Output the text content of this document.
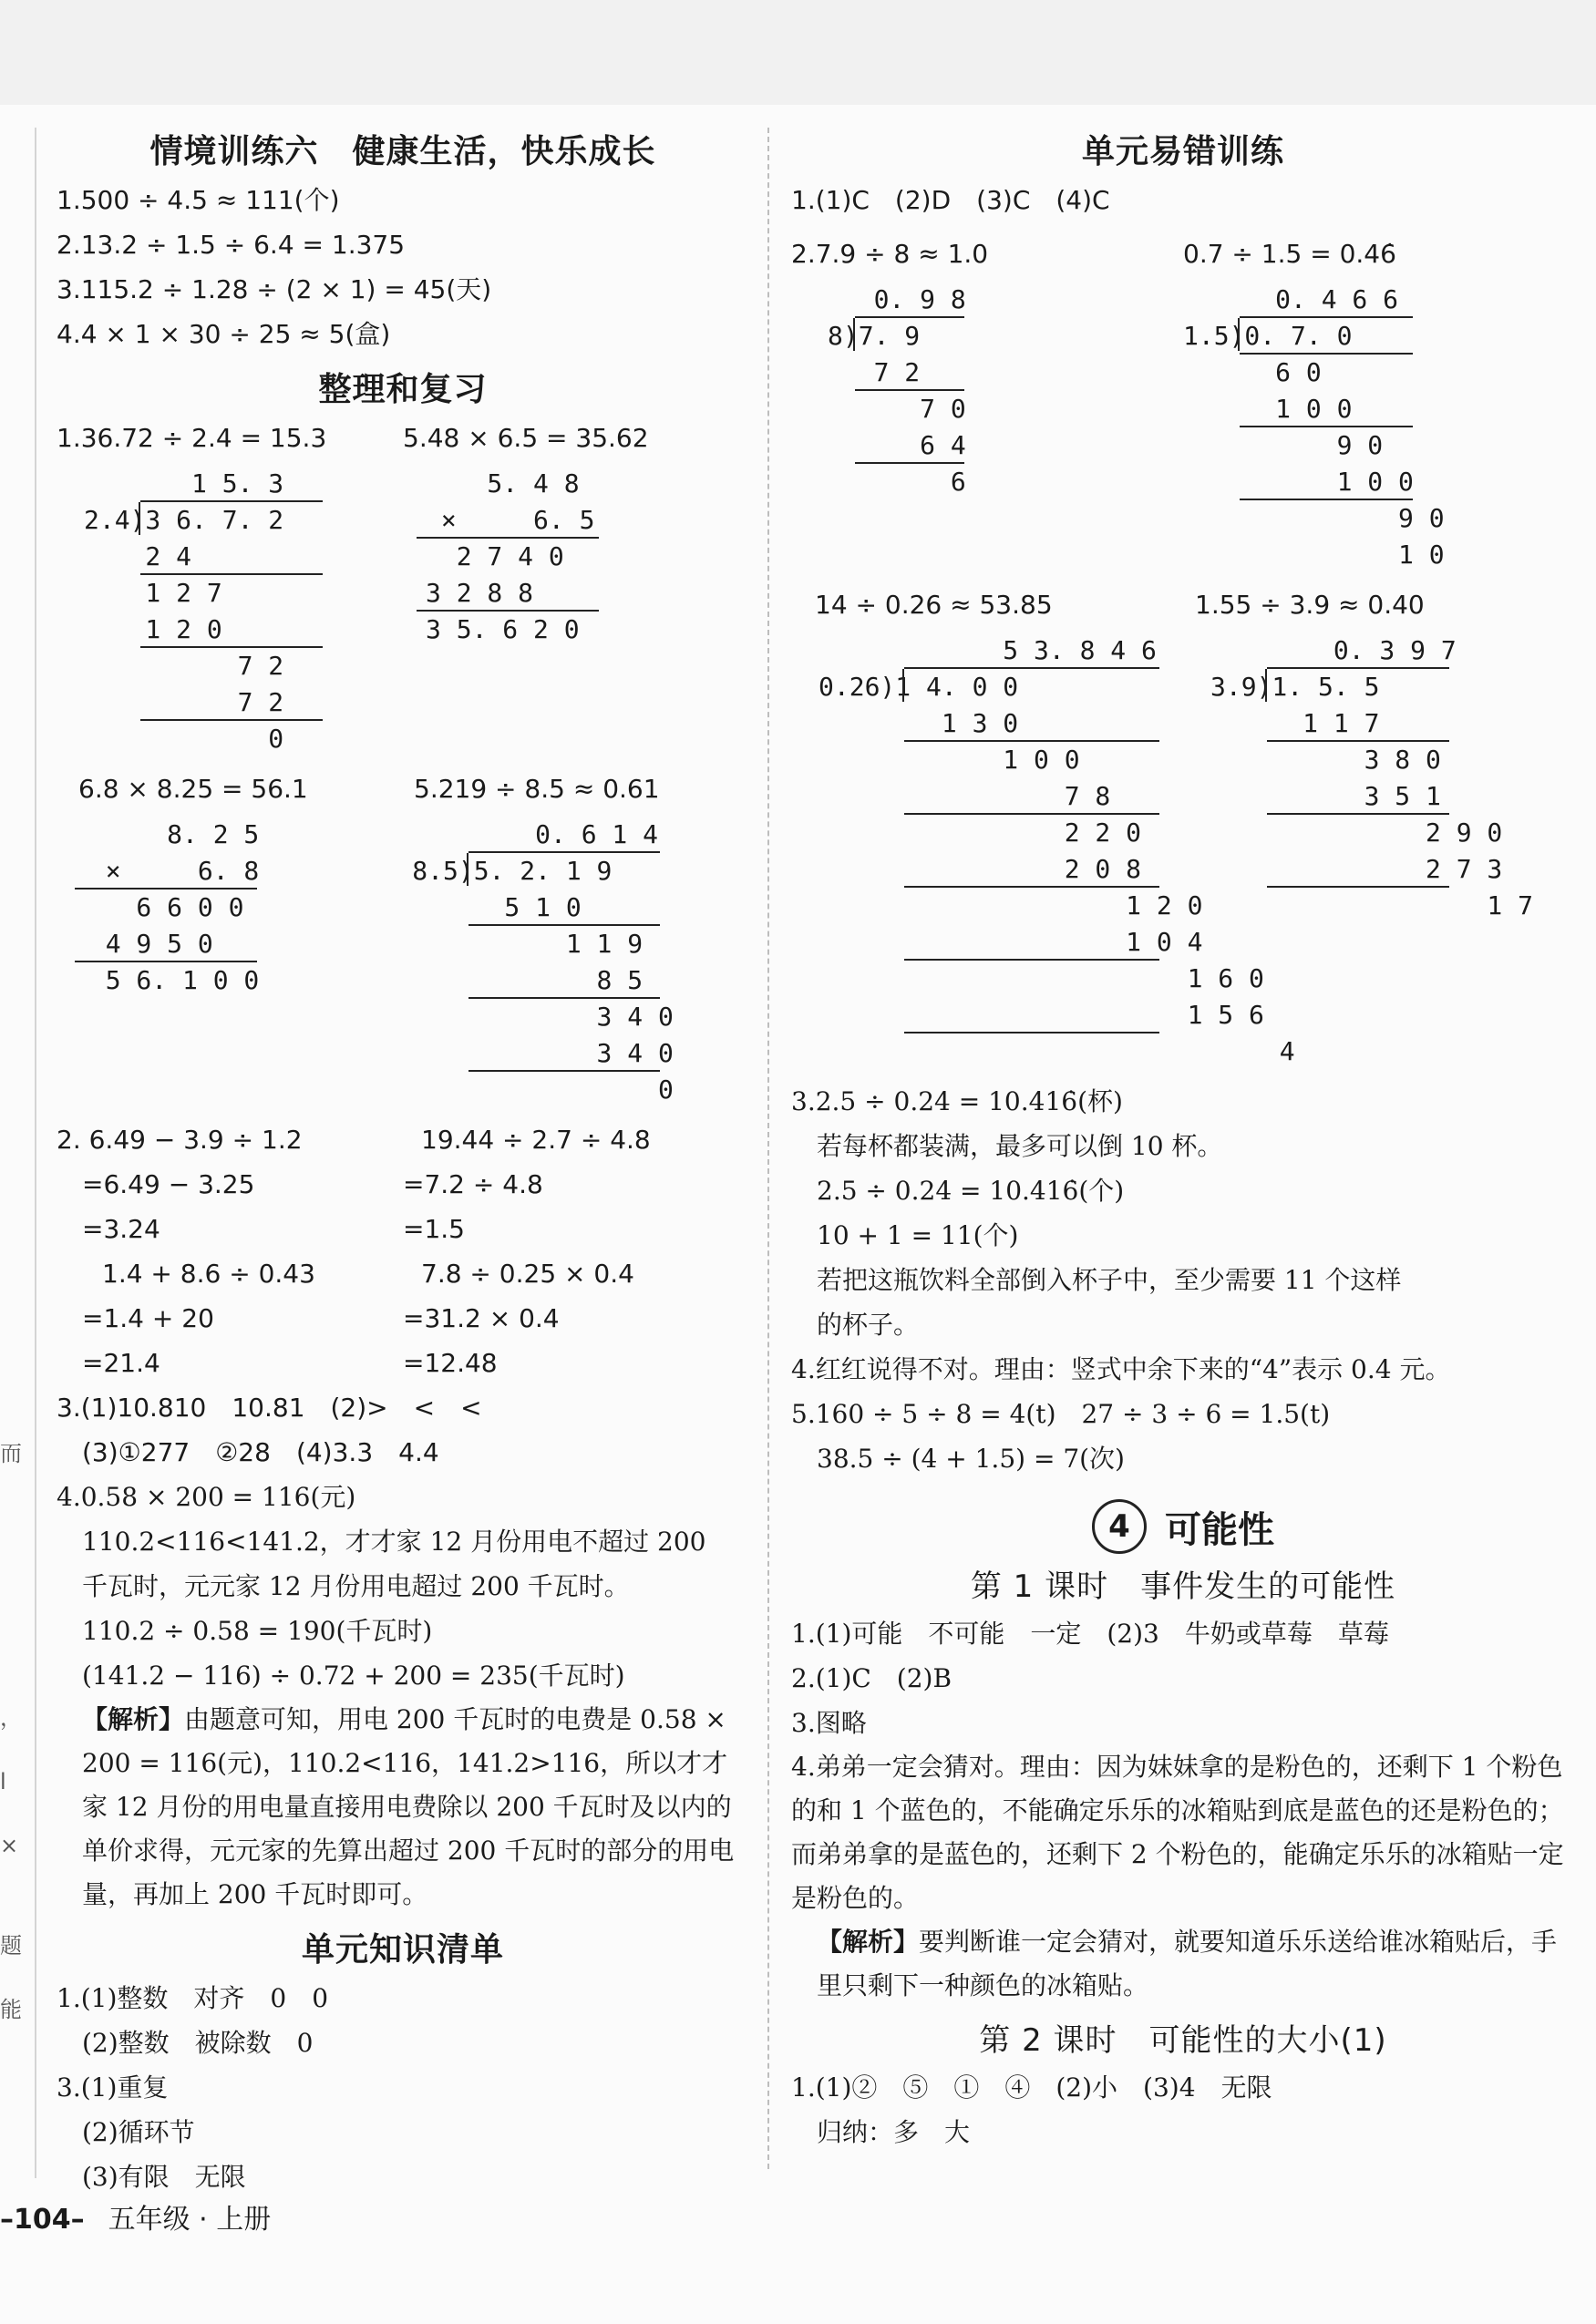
而
，
l
×
题
能
情境训练六　健康生活，快乐成长
1.500 ÷ 4.5 ≈ 111(个)
2.13.2 ÷ 1.5 ÷ 6.4 = 1.375
3.115.2 ÷ 1.28 ÷ (2 × 1) = 45(天)
4.4 × 1 × 30 ÷ 25 ≈ 5(盒)
整理和复习
1.36.72 ÷ 2.4 = 15.3	5.48 × 6.5 = 35.62
1 5. 3
2.4)3 6. 7. 2
2 4
1 2 7
1 2 0
7 2
7 2
0
5. 4 8
×     6. 5
2 7 4 0
3 2 8 8
3 5. 6 2 0
6.8 × 8.25 = 56.1	5.219 ÷ 8.5 ≈ 0.61
8. 2 5
×     6. 8
6 6 0 0
4 9 5 0
5 6. 1 0 0
0. 6 1 4
8.5)5. 2. 1 9
5 1 0
1 1 9
8 5
3 4 0
3 4 0
0
2. 6.49 − 3.9 ÷ 1.2
=6.49 − 3.25
=3.24
1.4 + 8.6 ÷ 0.43
=1.4 + 20
=21.4
19.44 ÷ 2.7 ÷ 4.8
=7.2 ÷ 4.8
=1.5
7.8 ÷ 0.25 × 0.4
=31.2 × 0.4
=12.48
3.(1)10.810　10.81　(2)>　<　<
(3)①277　②28　(4)3.3　4.4
4.0.58 × 200 = 116(元)
110.2<116<141.2，才才家 12 月份用电不超过 200
千瓦时，元元家 12 月份用电超过 200 千瓦时。
110.2 ÷ 0.58 = 190(千瓦时)
(141.2 − 116) ÷ 0.72 + 200 = 235(千瓦时)
【解析】由题意可知，用电 200 千瓦时的电费是 0.58 × 200 = 116(元)，110.2<116，141.2>116，所以才才家 12 月份的用电量直接用电费除以 200 千瓦时及以内的单价求得，元元家的先算出超过 200 千瓦时的部分的用电量，再加上 200 千瓦时即可。
单元知识清单
1.(1)整数　对齐　0　0
(2)整数　被除数　0
3.(1)重复
(2)循环节
(3)有限　无限
单元易错训练
1.(1)C　(2)D　(3)C　(4)C
2.7.9 ÷ 8 ≈ 1.0	0.7 ÷ 1.5 = 0.46̇
0. 9 8
8)7. 9
7 2
7 0
6 4
6
0. 4 6 6
1.5)0. 7. 0
6 0
1 0 0
9 0
1 0 0
9 0
1 0
14 ÷ 0.26 ≈ 53.85	1.55 ÷ 3.9 ≈ 0.40
5 3. 8 4 6
0.26)1 4. 0 0
1 3 0
1 0 0
7 8
2 2 0
2 0 8
1 2 0
1 0 4
1 6 0
1 5 6
4
0. 3 9 7
3.9)1. 5. 5
1 1 7
3 8 0
3 5 1
2 9 0
2 7 3
1 7
3.2.5 ÷ 0.24 = 10.416̇(杯)
若每杯都装满，最多可以倒 10 杯。
2.5 ÷ 0.24 = 10.416̇(个)
10 + 1 = 11(个)
若把这瓶饮料全部倒入杯子中，至少需要 11 个这样
的杯子。
4.红红说得不对。理由：竖式中余下来的“4”表示 0.4 元。
5.160 ÷ 5 ÷ 8 = 4(t)　27 ÷ 3 ÷ 6 = 1.5(t)
38.5 ÷ (4 + 1.5) = 7(次)
4 可能性
第 1 课时　事件发生的可能性
1.(1)可能　不可能　一定　(2)3　牛奶或草莓　草莓
2.(1)C　(2)B
3.图略
4.弟弟一定会猜对。理由：因为妹妹拿的是粉色的，还剩下 1 个粉色的和 1 个蓝色的，不能确定乐乐的冰箱贴到底是蓝色的还是粉色的；而弟弟拿的是蓝色的，还剩下 2 个粉色的，能确定乐乐的冰箱贴一定是粉色的。
【解析】要判断谁一定会猜对，就要知道乐乐送给谁冰箱贴后，手里只剩下一种颜色的冰箱贴。
第 2 课时　可能性的大小(1)
1.(1)②　⑤　①　④　(2)小　(3)4　无限
归纳：多　大
–104– 五年级 · 上册
